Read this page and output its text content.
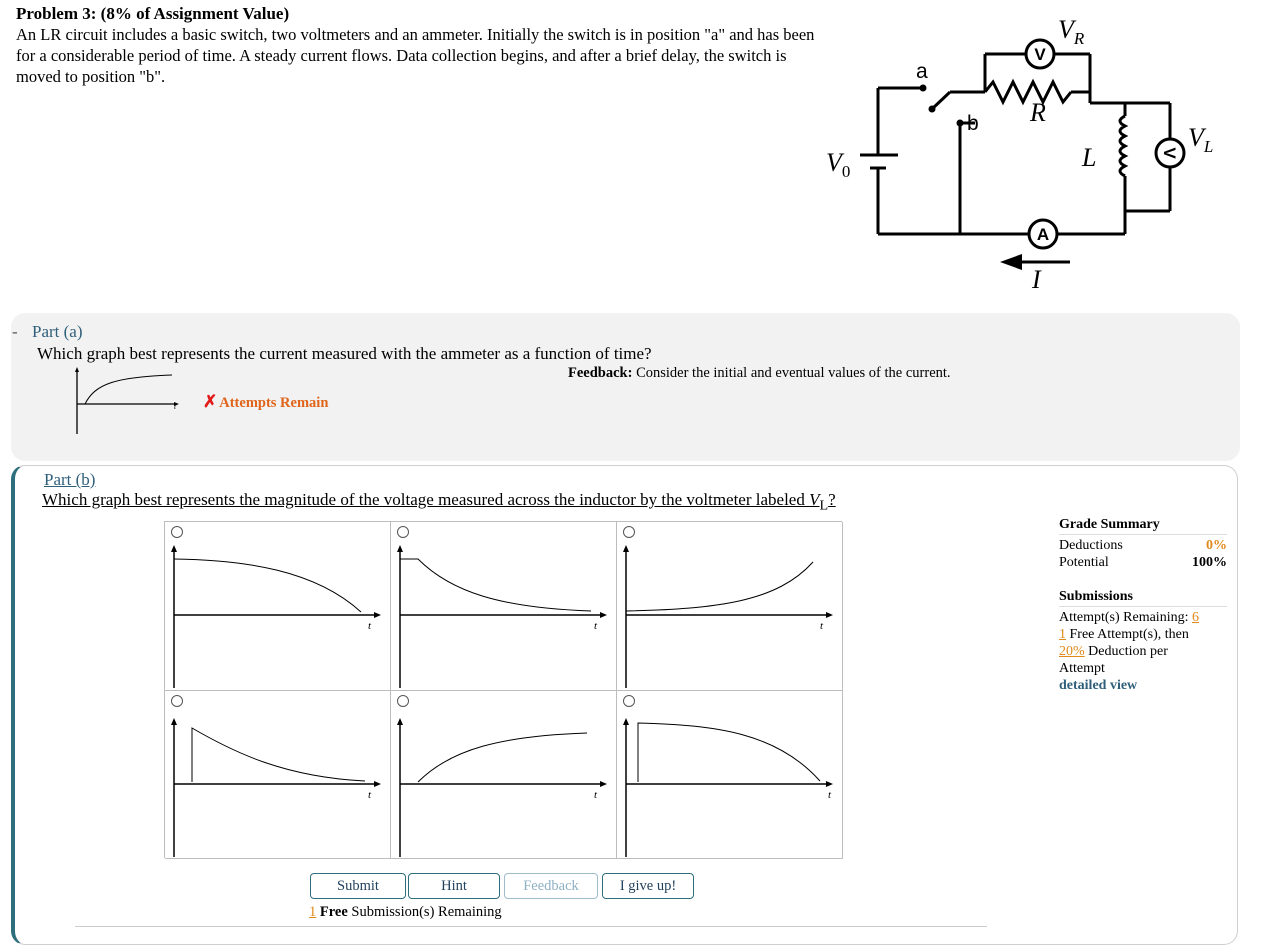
Problem 3: (8% of Assignment Value)
An LR circuit includes a basic switch, two voltmeters and an ammeter. Initially the switch is in position "a" and has been for a considerable period of time. A steady current flows. Data collection begins, and after a brief delay, the switch is moved to position "b".
V
V
A
a
b
$V_R$
$V_L$
$V_0$
R
L
I
- Part (a)
Which graph best represents the current measured with the ammeter as a function of time?
t
Feedback: Consider the initial and eventual values of the current.
✗ Attempts Remain
Part (b)
Which graph best represents the magnitude of the voltage measured across the inductor by the voltmeter labeled $V_L$?
t	t	t
t	t	t
Grade Summary
Deductions	0%
Potential	100%
Submissions
Attempt(s) Remaining: 6
1 Free Attempt(s), then
20% Deduction per
Attempt
detailed view
Submit	Hint	Feedback	I give up!
1 Free Submission(s) Remaining
